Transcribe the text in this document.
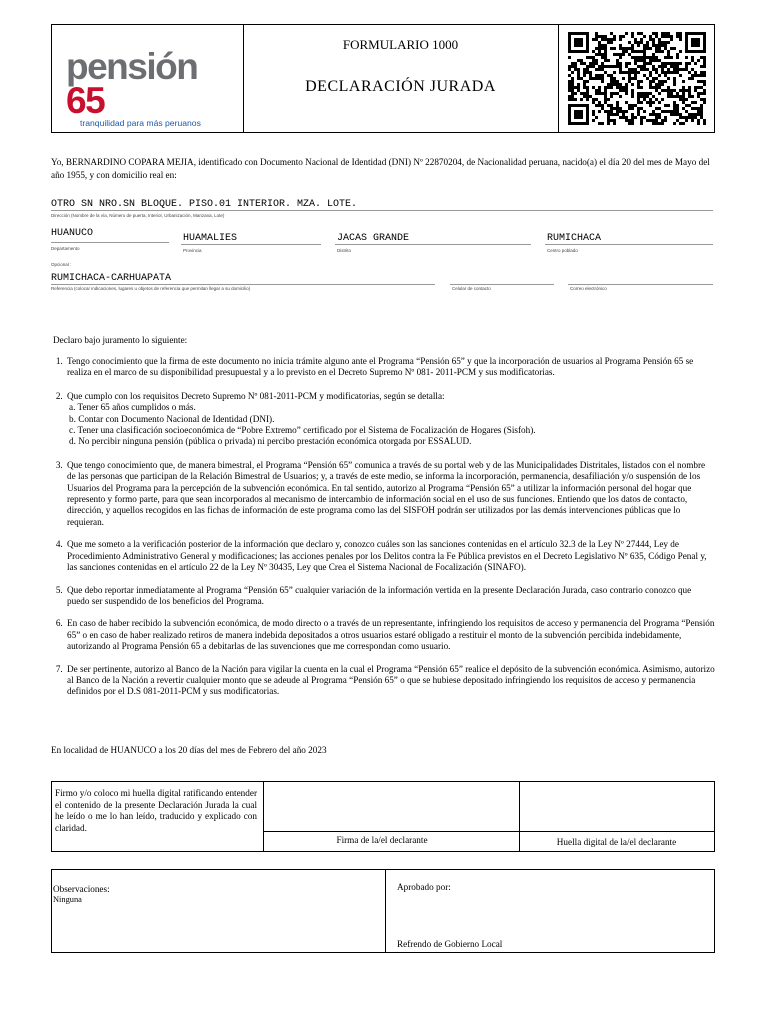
pensión 65
tranquilidad para más peruanos
FORMULARIO 1000
DECLARACIÓN JURADA
Yo, BERNARDINO COPARA MEJIA, identificado con Documento Nacional de Identidad (DNI) Nº 22870204, de Nacionalidad peruana, nacido(a) el día 20 del mes de Mayo del año 1955, y con domicilio real en:
OTRO SN NRO.SN BLOQUE. PISO.01 INTERIOR. MZA. LOTE.
Dirección (Nombre de la vía, Número de puerta, Interior, Urbanización, Manzana, Lote)
HUANUCO
Departamento
HUAMALIES
Provincia
JACAS GRANDE
Distrito
RUMICHACA
Centro poblado
Opcional :
RUMICHACA-CARHUAPATA
Referencia (colocar indicaciones, lugares u objetos de referencia que permitan llegar a su domicilio)	Celular de contacto	Correo electrónico
Declaro bajo juramento lo siguiente:
1. Tengo conocimiento que la firma de este documento no inicia trámite alguno ante el Programa “Pensión 65” y que la incorporación de usuarios al Programa Pensión 65 se realiza en el marco de su disponibilidad presupuestal y a lo previsto en el Decreto Supremo Nº 081- 2011-PCM y sus modificatorias.
2. Que cumplo con los requisitos Decreto Supremo Nº 081-2011-PCM y modificatorias, según se detalla:
a. Tener 65 años cumplidos o más.
b. Contar con Documento Nacional de Identidad (DNI).
c. Tener una clasificación socioeconómica de “Pobre Extremo” certificado por el Sistema de Focalización de Hogares (Sisfoh).
d. No percibir ninguna pensión (pública o privada) ni percibo prestación económica otorgada por ESSALUD.
3. Que tengo conocimiento que, de manera bimestral, el Programa “Pensión 65” comunica a través de su portal web y de las Municipalidades Distritales, listados con el nombre de las personas que participan de la Relación Bimestral de Usuarios; y, a través de este medio, se informa la incorporación, permanencia, desafiliación y/o suspensión de los Usuarios del Programa para la percepción de la subvención económica. En tal sentido, autorizo al Programa “Pensión 65” a utilizar la información personal del hogar que represento y formo parte, para que sean incorporados al mecanismo de intercambio de información social en el uso de sus funciones. Entiendo que los datos de contacto, dirección, y aquellos recogidos en las fichas de información de este programa como las del SISFOH podrán ser utilizados por las demás intervenciones públicas que lo requieran.
4. Que me someto a la verificación posterior de la información que declaro y, conozco cuáles son las sanciones contenidas en el artículo 32.3 de la Ley Nº 27444, Ley de Procedimiento Administrativo General y modificaciones; las acciones penales por los Delitos contra la Fe Pública previstos en el Decreto Legislativo Nº 635, Código Penal y, las sanciones contenidas en el artículo 22 de la Ley Nº 30435, Ley que Crea el Sistema Nacional de Focalización (SINAFO).
5. Que debo reportar inmediatamente al Programa “Pensión 65” cualquier variación de la información vertida en la presente Declaración Jurada, caso contrario conozco que puedo ser suspendido de los beneficios del Programa.
6. En caso de haber recibido la subvención económica, de modo directo o a través de un representante, infringiendo los requisitos de acceso y permanencia del Programa “Pensión 65” o en caso de haber realizado retiros de manera indebida depositados a otros usuarios estaré obligado a restituir el monto de la subvención percibida indebidamente, autorizando al Programa Pensión 65 a debitarlas de las suvenciones que me correspondan como usuario.
7. De ser pertinente, autorizo al Banco de la Nación para vigilar la cuenta en la cual el Programa “Pensión 65” realice el depósito de la subvención económica. Asimismo, autorizo al Banco de la Nación a revertir cualquier monto que se adeude al Programa “Pensión 65” o que se hubiese depositado infringiendo los requisitos de acceso y permanencia definidos por el D.S 081-2011-PCM y sus modificatorias.
En localidad de HUANUCO a los 20 días del mes de Febrero del año 2023
Firmo y/o coloco mi huella digital ratificando entender el contenido de la presente Declaración Jurada la cual he leído o me lo han leído, traducido y explicado con claridad.
Firma de la/el declarante	Huella digital de la/el declarante
Observaciones:
Ninguna
Aprobado por:
Refrendo de Gobierno Local
